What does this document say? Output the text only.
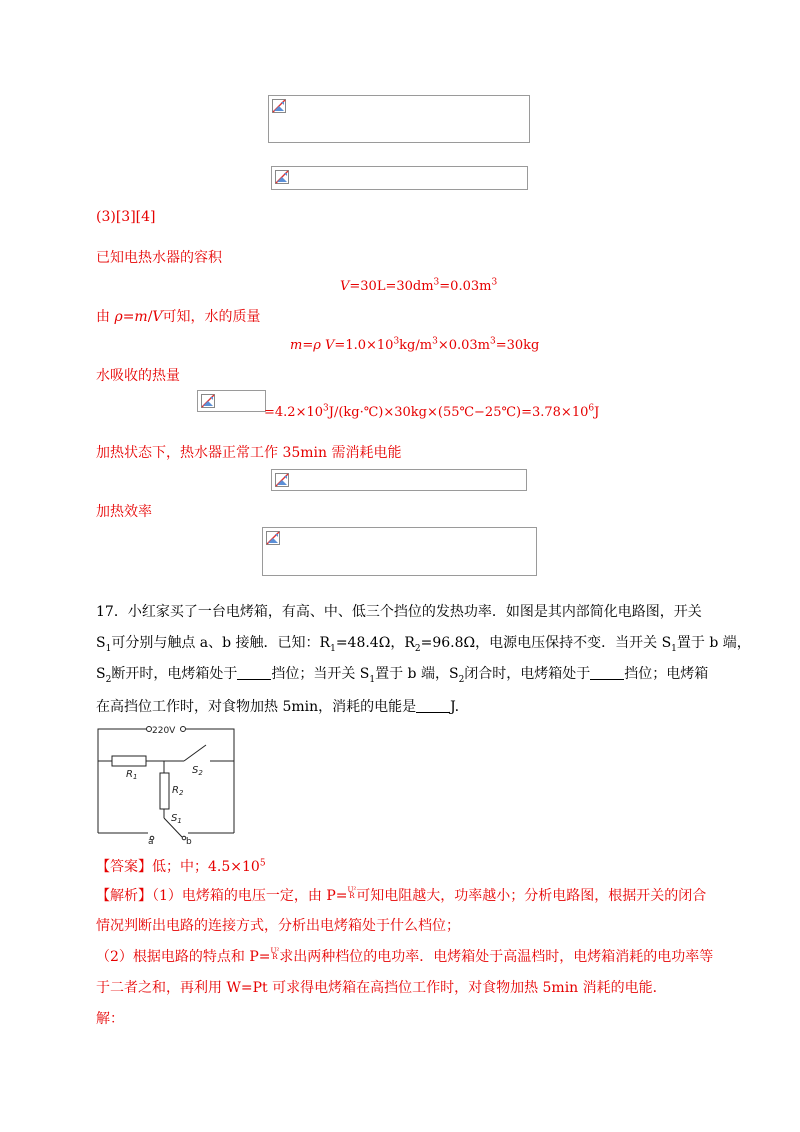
(3)[3][4]
已知电热水器的容积
$V=30L=30dm^3=0.03m^3$
由 ρ=m/V可知，水的质量
m=ρ $V=1.0\times 10^3kg/m^3\times 0.03m^3=30kg$
水吸收的热量
$=4.2\times 10^3J/(kg\cdot℃)\times 30kg\times(55℃-25℃)=3.78\times 10^6J$
加热状态下，热水器正常工作 35min 需消耗电能
加热效率
17．小红家买了一台电烤箱，有高、中、低三个挡位的发热功率．如图是其内部简化电路图，开关
$S_1$可分别与触点 a、b 接触．已知：$R_1=48.4\Omega$，$R_2=96.8\Omega$，电源电压保持不变．当开关 $S_1$置于 b 端，
$S_2$断开时，电烤箱处于 挡位；当开关 $S_1$置于 b 端，$S_2$闭合时，电烤箱处于 挡位；电烤箱
在高挡位工作时，对食物加热 5min，消耗的电能是 J.
220V
$R_1$
$R_2$
$S_2$
$S_1$
a	b
【答案】低；中；$4.5\times 10^5$
【解析】（1）电烤箱的电压一定，由 P= U²
R 可知电阻越大，功率越小；分析电路图，根据开关的闭合
情况判断出电路的连接方式，分析出电烤箱处于什么档位；
（2）根据电路的特点和 P= U²
R 求出两种档位的电功率．电烤箱处于高温档时，电烤箱消耗的电功率等
于二者之和，再利用 W=Pt 可求得电烤箱在高挡位工作时，对食物加热 5min 消耗的电能．
解：
